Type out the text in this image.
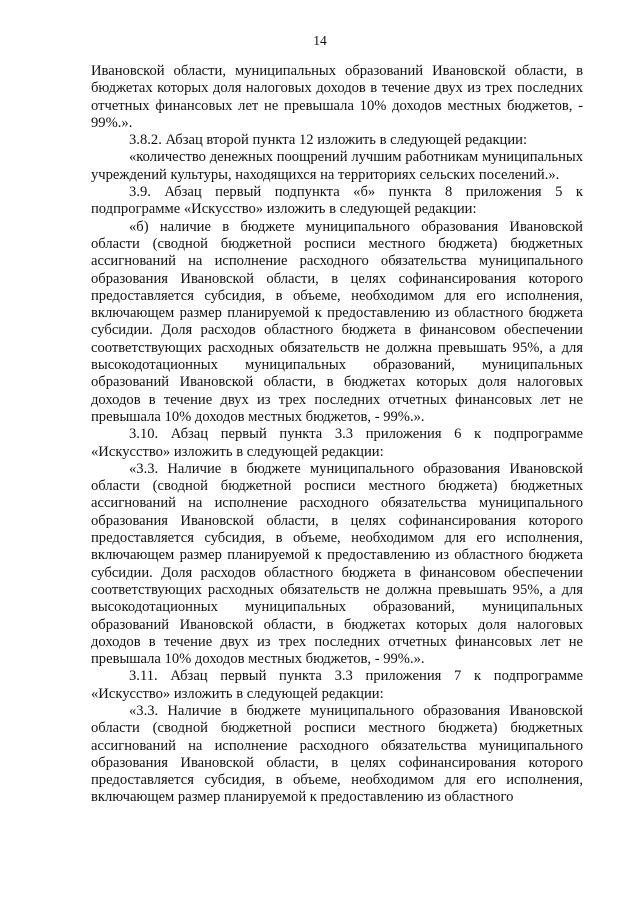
14

Ивановской области, муниципальных образований Ивановской области, в бюджетах которых доля налоговых доходов в течение двух из трех последних отчетных финансовых лет не превышала 10% доходов местных бюджетов, - 99%.».

3.8.2. Абзац второй пункта 12 изложить в следующей редакции:

«количество денежных поощрений лучшим работникам муниципальных учреждений культуры, находящихся на территориях сельских поселений.».

3.9. Абзац первый подпункта «б» пункта 8 приложения 5 к подпрограмме «Искусство» изложить в следующей редакции:

«б) наличие в бюджете муниципального образования Ивановской области (сводной бюджетной росписи местного бюджета) бюджетных ассигнований на исполнение расходного обязательства муниципального образования Ивановской области, в целях софинансирования которого предоставляется субсидия, в объеме, необходимом для его исполнения, включающем размер планируемой к предоставлению из областного бюджета субсидии. Доля расходов областного бюджета в финансовом обеспечении соответствующих расходных обязательств не должна превышать 95%, а для высокодотационных муниципальных образований, муниципальных образований Ивановской области, в бюджетах которых доля налоговых доходов в течение двух из трех последних отчетных финансовых лет не превышала 10% доходов местных бюджетов, - 99%.».

3.10. Абзац первый пункта 3.3 приложения 6 к подпрограмме «Искусство» изложить в следующей редакции:

«3.3. Наличие в бюджете муниципального образования Ивановской области (сводной бюджетной росписи местного бюджета) бюджетных ассигнований на исполнение расходного обязательства муниципального образования Ивановской области, в целях софинансирования которого предоставляется субсидия, в объеме, необходимом для его исполнения, включающем размер планируемой к предоставлению из областного бюджета субсидии. Доля расходов областного бюджета в финансовом обеспечении соответствующих расходных обязательств не должна превышать 95%, а для высокодотационных муниципальных образований, муниципальных образований Ивановской области, в бюджетах которых доля налоговых доходов в течение двух из трех последних отчетных финансовых лет не превышала 10% доходов местных бюджетов, - 99%.».

3.11. Абзац первый пункта 3.3 приложения 7 к подпрограмме «Искусство» изложить в следующей редакции:

«3.3. Наличие в бюджете муниципального образования Ивановской области (сводной бюджетной росписи местного бюджета) бюджетных ассигнований на исполнение расходного обязательства муниципального образования Ивановской области, в целях софинансирования которого предоставляется субсидия, в объеме, необходимом для его исполнения, включающем размер планируемой к предоставлению из областного
